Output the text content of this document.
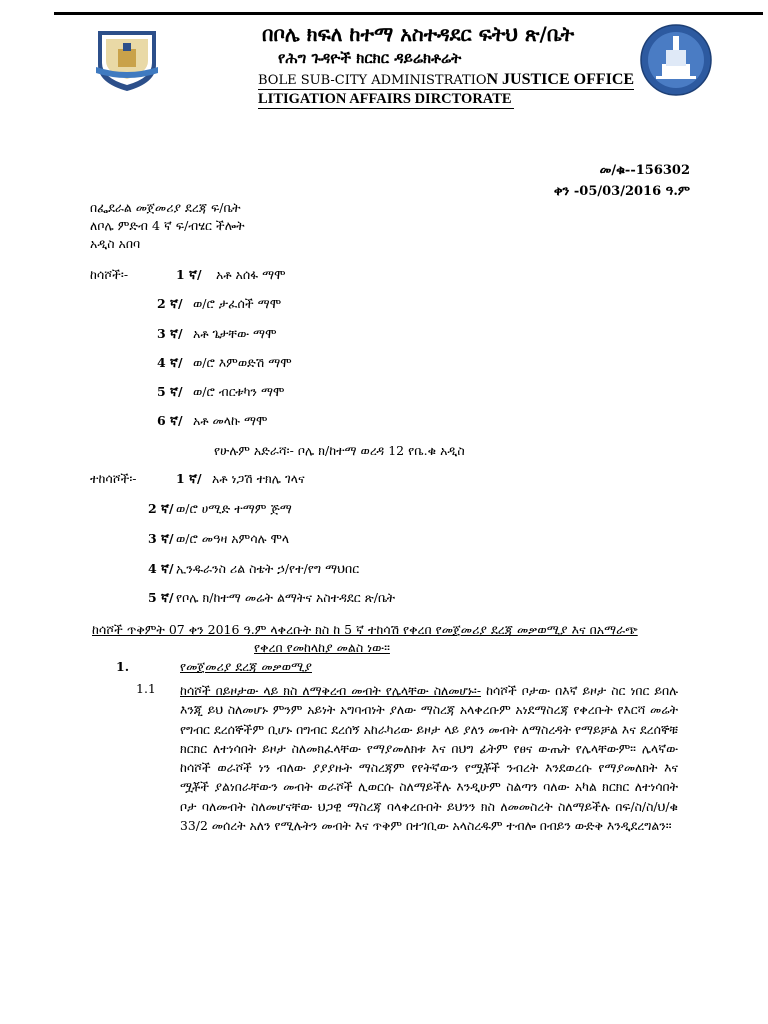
በቦሌ ክፍለ ከተማ አስተዳደር ፍትህ ጽ/ቤት
የሕግ ጉዳዮች ክርክር ዳይሬክቶሬት
BOLE SUB-CITY ADMINISTRATION JUSTICE OFFICE
LITIGATION AFFAIRS DIRCTORATE
መ/ቁ--156302
ቀን -05/03/2016 ዓ.ም
በፌደራል መጀመሪያ ደረጃ ፍ/ቤት
ለቦሌ ምድብ 4 ኛ ፍ/ብሄር ችሎት
አዲስ አበባ
ከሳሾች፡-	1 ኛ/ አቶ አሰፋ ማሞ
2 ኛ/ ወ/ሮ ታፈሰች ማሞ
3 ኛ/ አቶ ጌታቸው ማሞ
4 ኛ/ ወ/ሮ እምወድሽ ማሞ
5 ኛ/ ወ/ሮ ብርቱካን ማሞ
6 ኛ/ አቶ መላኩ ማሞ
የሁሉም አድራሻ፡- ቦሌ ክ/ከተማ ወረዳ 12 የቤ.ቁ አዲስ
ተከሳሾች፡-	1 ኛ/ አቶ ነጋሽ ተክሌ ገላና
2 ኛ/ ወ/ሮ ሀሚድ ተማም ጅማ
3 ኛ/ ወ/ሮ መዓዛ አምሳሉ ሞላ
4 ኛ/ ኢንዱራንስ ሪል ስቴት ኃ/የተ/የግ ማህበር
5 ኛ/ የቦሌ ክ/ከተማ መሬት ልማትና አስተዳደር ጽ/ቤት
ከሳሾች ጥቅምት 07 ቀን 2016 ዓ.ም ላቀረቡት ክስ ከ 5 ኛ ተከሳሽ የቀረበ የመጀመሪያ ደረጃ መቃወሚያ እና በአማራጭ
የቀረበ የመከላከያ መልስ ነው።
1.	የመጀመሪያ ደረጃ መቃወሚያ
1.1 ከሳሾች በይዞታው ላይ ክስ ለማቅረብ መብት የሌላቸው ስለመሆኑ፡- ከሳሾች ቦታው በእኛ ይዞታ ስር ነበር ይበሉ እንጂ ይህ ስለመሆኑ ምንም አይነት አግባብነት ያለው ማስረጃ አላቀረቡም አነደማስረጃ የቀረቡት የእርሻ መሬት የግብር ደረሰኞችም ቢሆኑ በግብር ደረሰኝ አከራካሪው ይዞታ ላይ ያለን መብት ለማስረዳት የማይቻል እና ደረሰኞቹ ክርክር ለተነሳበት ይዞታ ስለመክፈላቸው የማያመለክቱ እና በህግ ፊትም የፀና ውጤት የሌላቸውም። ሌላኛው ከሳሾች ወራሾች ነን ብለው ያያያዙት ማስረጃም የየትኛውን የሟቾች ንብረት እንደወረሱ የማያመለክት እና ሟቾች ያልነበራቸውን መብት ወራሾች ሊወርሱ ስለማይችሉ እንዲሁም ስልጣን ባለው አካል ክርክር ለተነሳበት ቦታ ባለመብት ስለመሆናቸው ህጋዊ ማስረጃ ባላቀረቡበት ይህንን ክስ ለመመስረት ስለማይችሉ በፍ/ስ/ስ/ህ/ቁ 33/2 መሰረት አለን የሚሉትን መብት እና ጥቅም በተገቢው አላስረዱም ተብሎ በብይን ውድቅ እንዲደረግልን።
